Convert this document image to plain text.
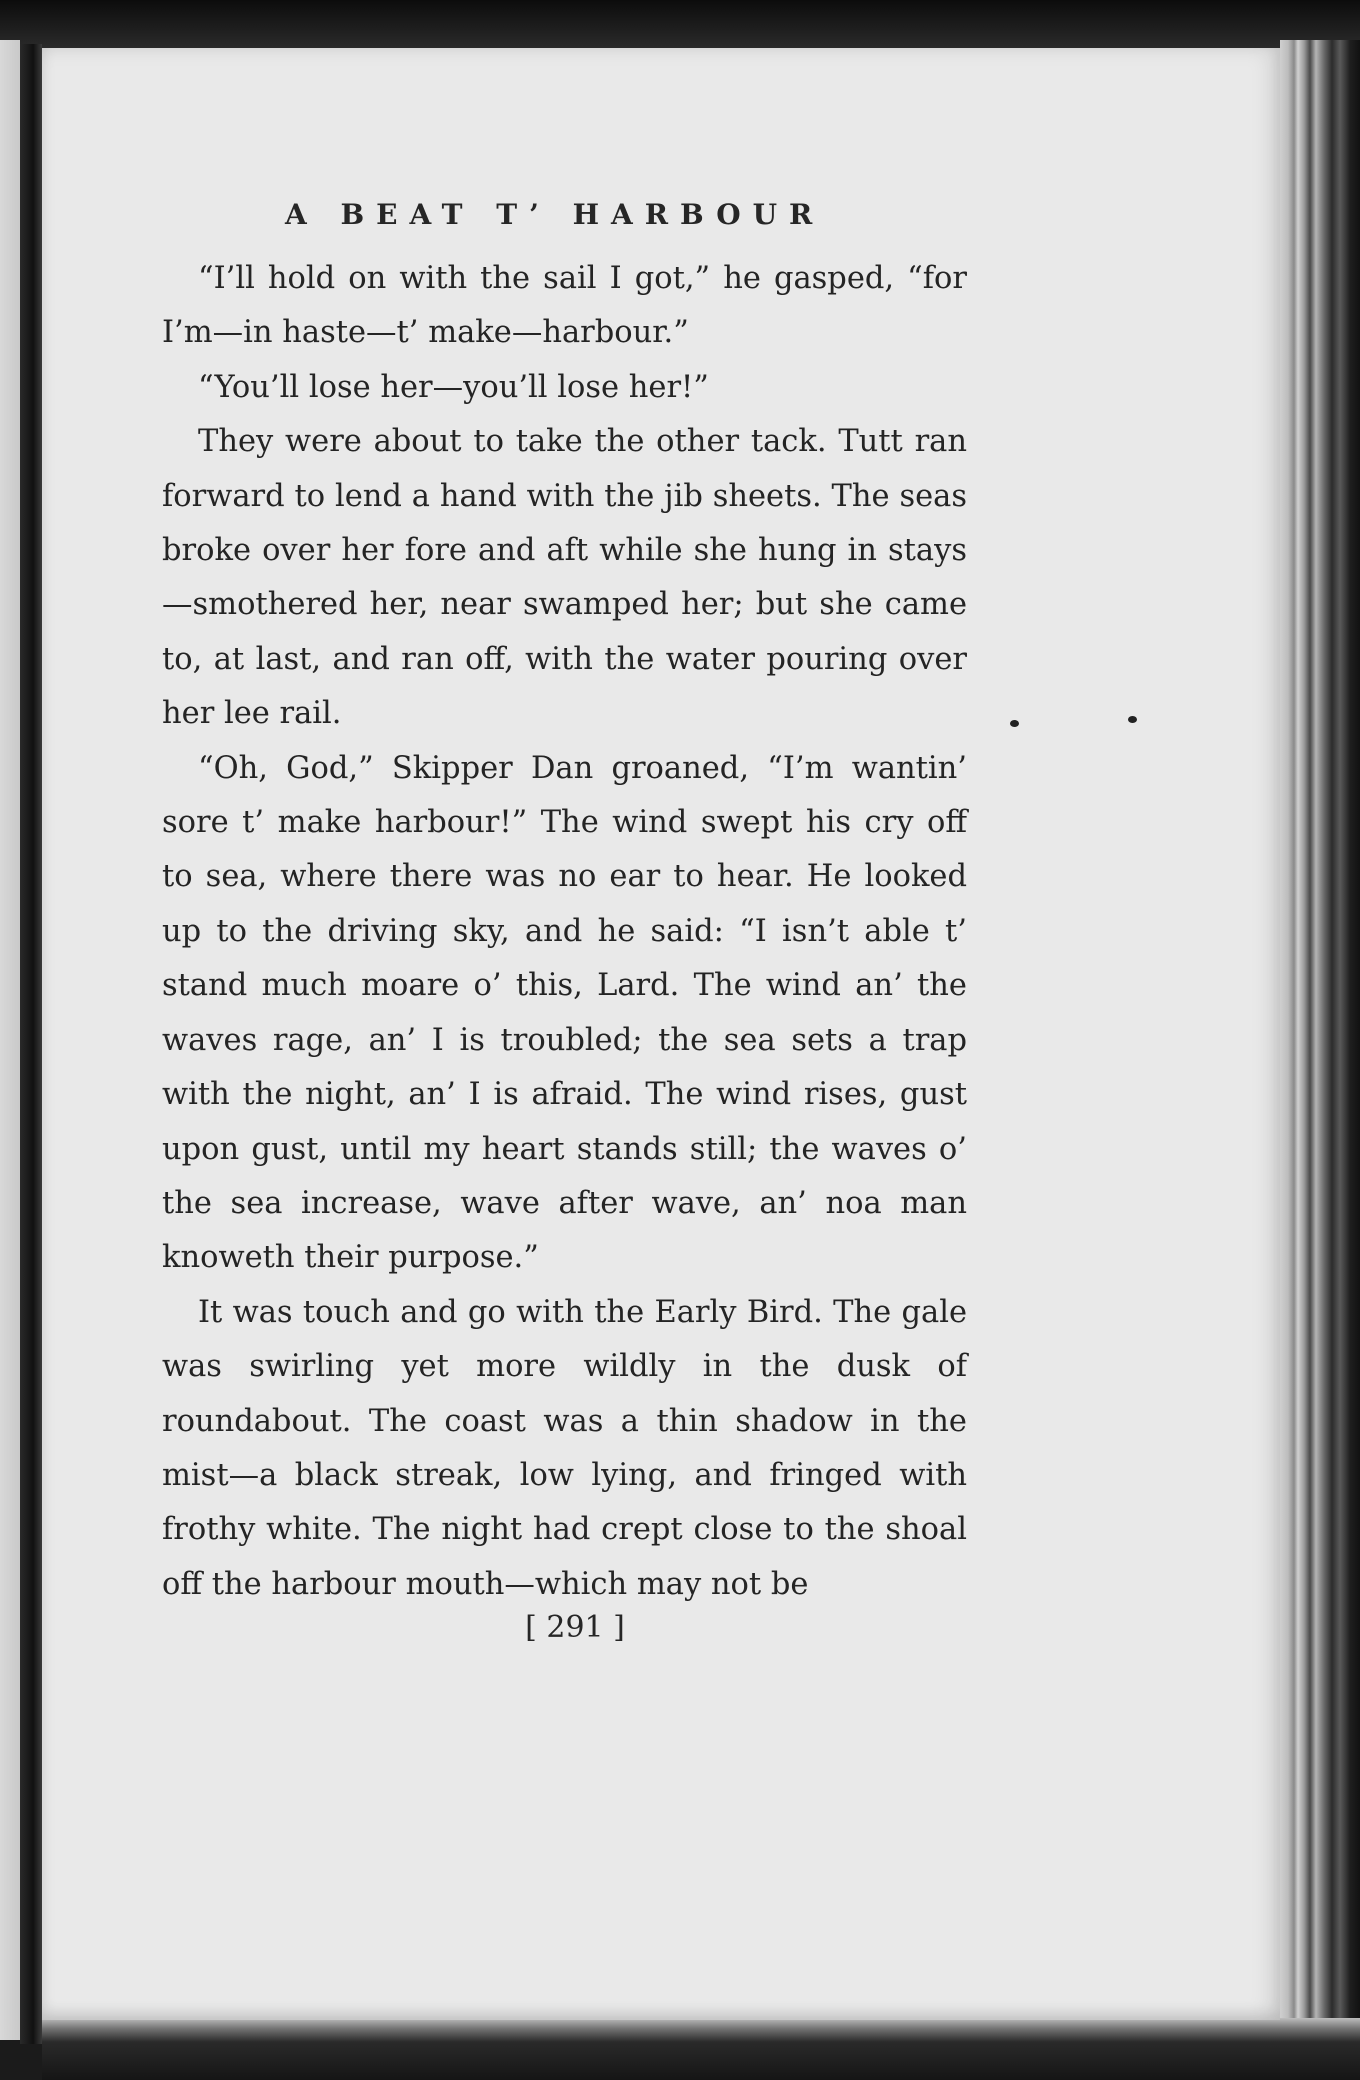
A BEAT T’ HARBOUR

“I’ll hold on with the sail I got,” he gasped, “for I’m—in haste—t’ make—harbour.”

“You’ll lose her—you’ll lose her!”

They were about to take the other tack. Tutt ran forward to lend a hand with the jib sheets. The seas broke over her fore and aft while she hung in stays—smothered her, near swamped her; but she came to, at last, and ran off, with the water pouring over her lee rail.

“Oh, God,” Skipper Dan groaned, “I’m wantin’ sore t’ make harbour!” The wind swept his cry off to sea, where there was no ear to hear. He looked up to the driving sky, and he said: “I isn’t able t’ stand much moare o’ this, Lard. The wind an’ the waves rage, an’ I is troubled; the sea sets a trap with the night, an’ I is afraid. The wind rises, gust upon gust, until my heart stands still; the waves o’ the sea increase, wave after wave, an’ noa man knoweth their purpose.”

It was touch and go with the Early Bird. The gale was swirling yet more wildly in the dusk of roundabout. The coast was a thin shadow in the mist—a black streak, low lying, and fringed with frothy white. The night had crept close to the shoal off the harbour mouth—which may not be

[ 291 ]
